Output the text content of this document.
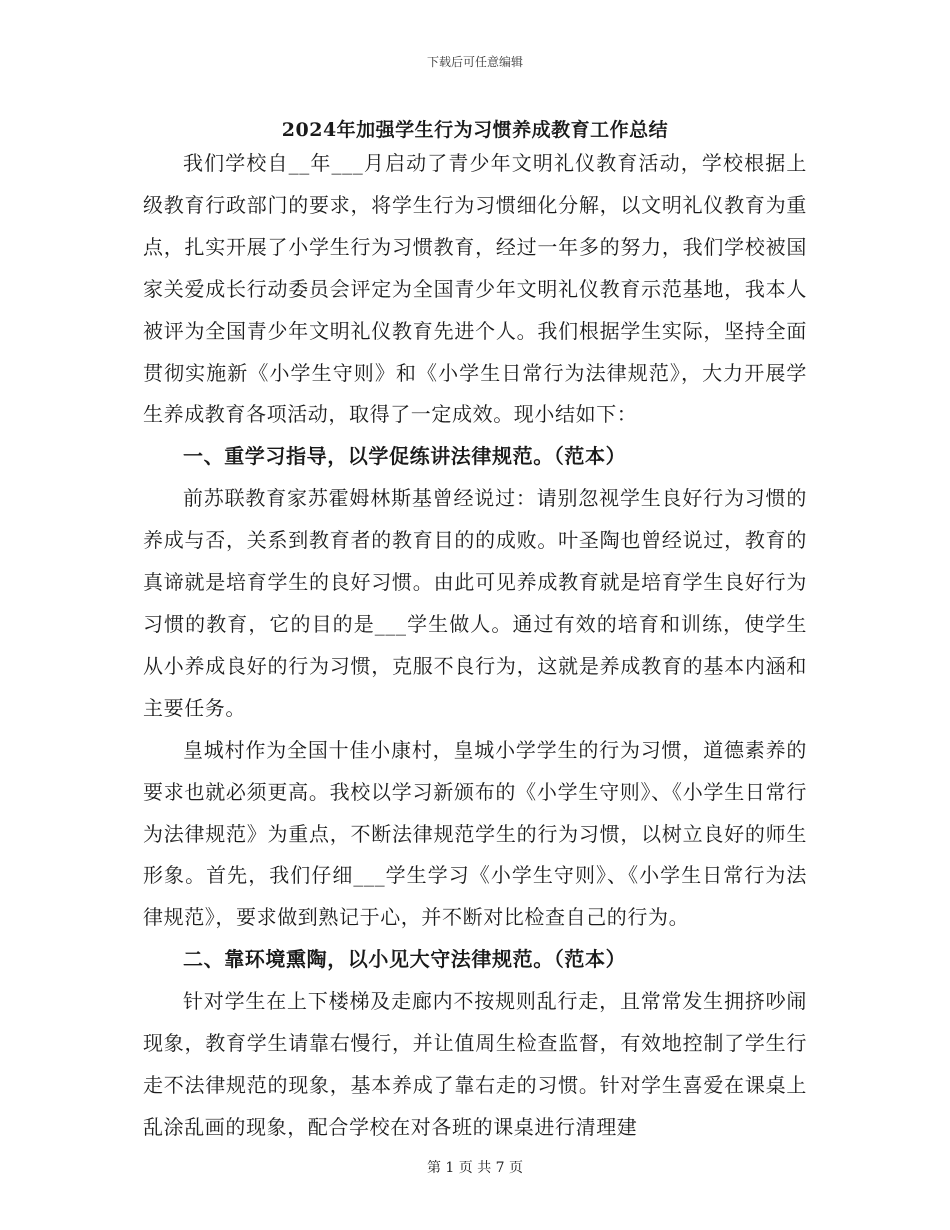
下载后可任意编辑
2024年加强学生行为习惯养成教育工作总结

我们学校自__年___月启动了青少年文明礼仪教育活动，学校根据上级教育行政部门的要求，将学生行为习惯细化分解，以文明礼仪教育为重点，扎实开展了小学生行为习惯教育，经过一年多的努力，我们学校被国家关爱成长行动委员会评定为全国青少年文明礼仪教育示范基地，我本人被评为全国青少年文明礼仪教育先进个人。我们根据学生实际，坚持全面贯彻实施新《小学生守则》和《小学生日常行为法律规范》，大力开展学生养成教育各项活动，取得了一定成效。现小结如下：

一、重学习指导，以学促练讲法律规范。（范本）

前苏联教育家苏霍姆林斯基曾经说过：请别忽视学生良好行为习惯的养成与否，关系到教育者的教育目的的成败。叶圣陶也曾经说过，教育的真谛就是培育学生的良好习惯。由此可见养成教育就是培育学生良好行为习惯的教育，它的目的是___学生做人。通过有效的培育和训练，使学生从小养成良好的行为习惯，克服不良行为，这就是养成教育的基本内涵和主要任务。

皇城村作为全国十佳小康村，皇城小学学生的行为习惯，道德素养的要求也就必须更高。我校以学习新颁布的《小学生守则》、《小学生日常行为法律规范》为重点，不断法律规范学生的行为习惯，以树立良好的师生形象。首先，我们仔细___学生学习《小学生守则》、《小学生日常行为法律规范》，要求做到熟记于心，并不断对比检查自己的行为。

二、靠环境熏陶，以小见大守法律规范。（范本）

针对学生在上下楼梯及走廊内不按规则乱行走，且常常发生拥挤吵闹现象，教育学生请靠右慢行，并让值周生检查监督，有效地控制了学生行走不法律规范的现象，基本养成了靠右走的习惯。针对学生喜爱在课桌上乱涂乱画的现象，配合学校在对各班的课桌进行清理建

第 1 页 共 7 页
